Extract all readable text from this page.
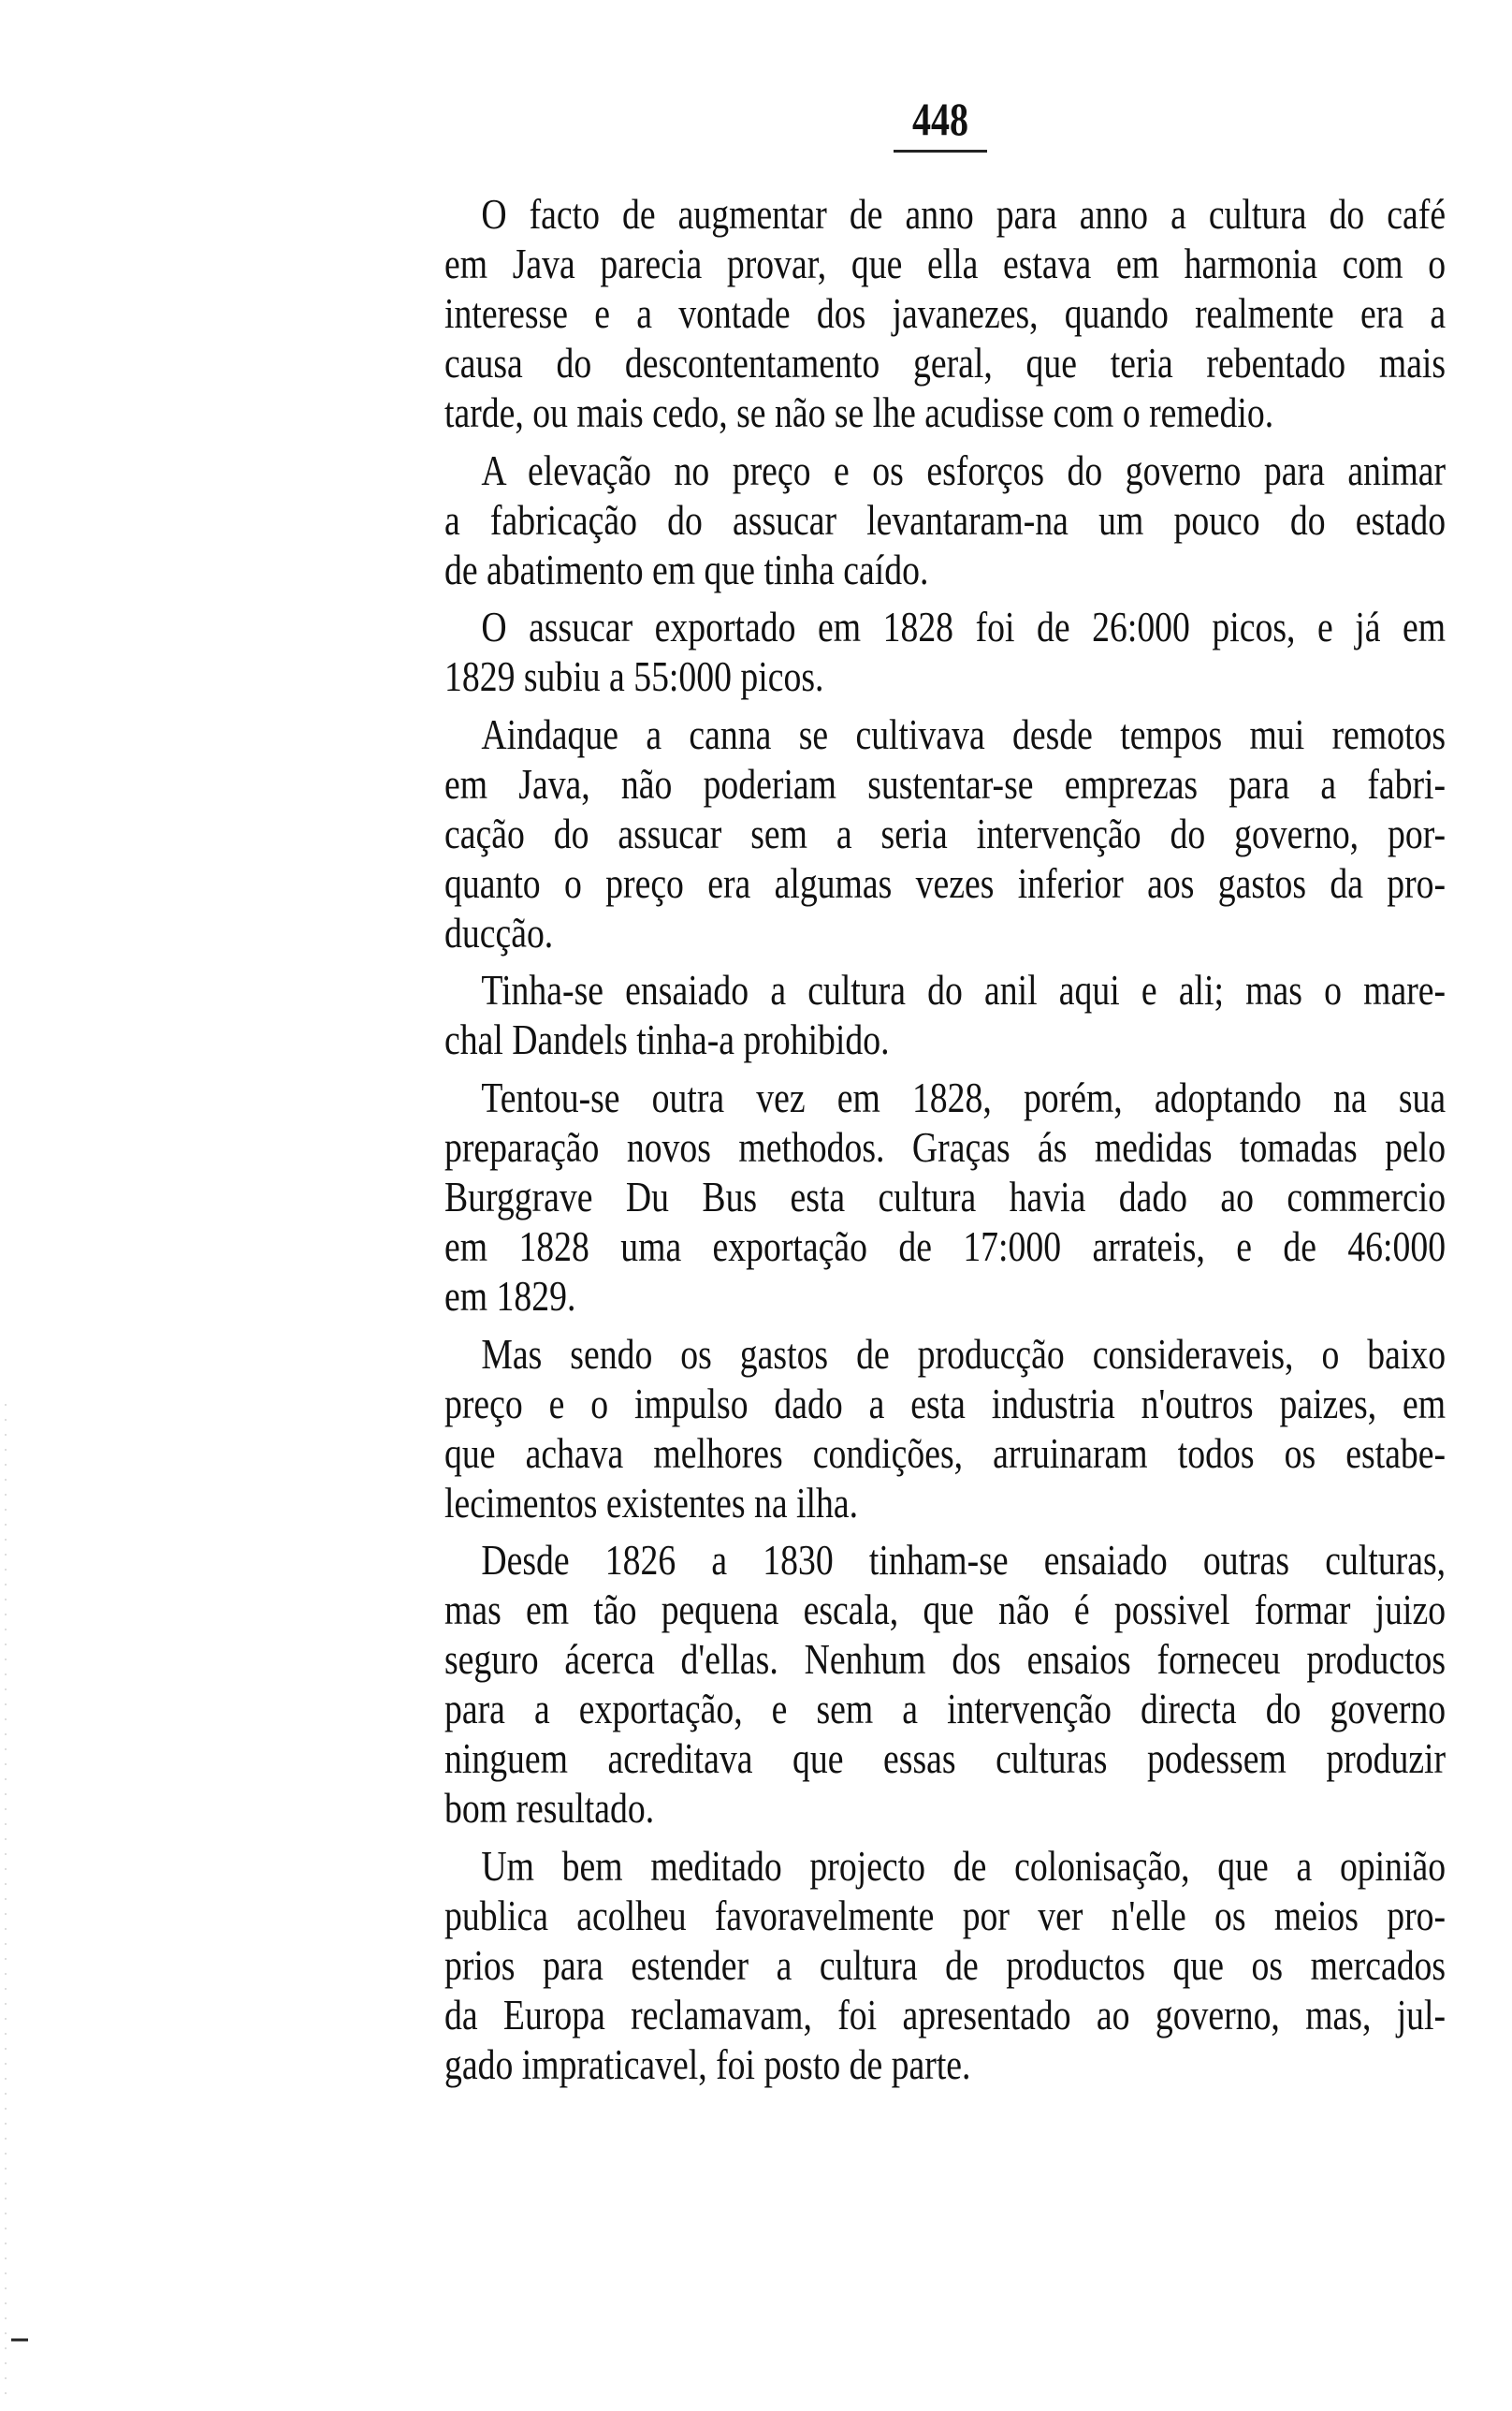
448
O facto de augmentar de anno para anno a cultura do café
em Java parecia provar, que ella estava em harmonia com o
interesse e a vontade dos javanezes, quando realmente era a
causa do descontentamento geral, que teria rebentado mais
tarde, ou mais cedo, se não se lhe acudisse com o remedio.
A elevação no preço e os esforços do governo para animar
a fabricação do assucar levantaram-na um pouco do estado
de abatimento em que tinha caído.
O assucar exportado em 1828 foi de 26:000 picos, e já em
1829 subiu a 55:000 picos.
Aindaque a canna se cultivava desde tempos mui remotos
em Java, não poderiam sustentar-se emprezas para a fabri-
cação do assucar sem a seria intervenção do governo, por-
quanto o preço era algumas vezes inferior aos gastos da pro-
ducção.
Tinha-se ensaiado a cultura do anil aqui e ali; mas o mare-
chal Dandels tinha-a prohibido.
Tentou-se outra vez em 1828, porém, adoptando na sua
preparação novos methodos. Graças ás medidas tomadas pelo
Burggrave Du Bus esta cultura havia dado ao commercio
em 1828 uma exportação de 17:000 arrateis, e de 46:000
em 1829.
Mas sendo os gastos de producção consideraveis, o baixo
preço e o impulso dado a esta industria n'outros paizes, em
que achava melhores condições, arruinaram todos os estabe-
lecimentos existentes na ilha.
Desde 1826 a 1830 tinham-se ensaiado outras culturas,
mas em tão pequena escala, que não é possivel formar juizo
seguro ácerca d'ellas. Nenhum dos ensaios forneceu productos
para a exportação, e sem a intervenção directa do governo
ninguem acreditava que essas culturas podessem produzir
bom resultado.
Um bem meditado projecto de colonisação, que a opinião
publica acolheu favoravelmente por ver n'elle os meios pro-
prios para estender a cultura de productos que os mercados
da Europa reclamavam, foi apresentado ao governo, mas, jul-
gado impraticavel, foi posto de parte.
